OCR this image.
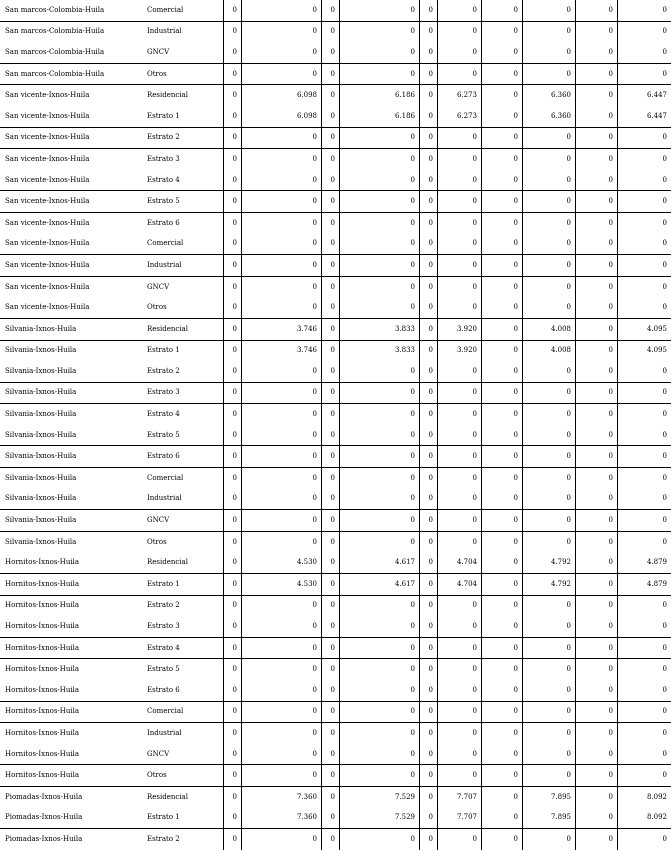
San marcos-Colombia-Huila	Comercial	0	0	0	0	0	0	0	0	0	0
San marcos-Colombia-Huila	Industrial	0	0	0	0	0	0	0	0	0	0
San marcos-Colombia-Huila	GNCV	0	0	0	0	0	0	0	0	0	0
San marcos-Colombia-Huila	Otros	0	0	0	0	0	0	0	0	0	0
San vicente-Ixnos-Huila	Residencial	0	6.098	0	6.186	0	6.273	0	6.360	0	6.447
San vicente-Ixnos-Huila	Estrato 1	0	6.098	0	6.186	0	6.273	0	6.360	0	6.447
San vicente-Ixnos-Huila	Estrato 2	0	0	0	0	0	0	0	0	0	0
San vicente-Ixnos-Huila	Estrato 3	0	0	0	0	0	0	0	0	0	0
San vicente-Ixnos-Huila	Estrato 4	0	0	0	0	0	0	0	0	0	0
San vicente-Ixnos-Huila	Estrato 5	0	0	0	0	0	0	0	0	0	0
San vicente-Ixnos-Huila	Estrato 6	0	0	0	0	0	0	0	0	0	0
San vicente-Ixnos-Huila	Comercial	0	0	0	0	0	0	0	0	0	0
San vicente-Ixnos-Huila	Industrial	0	0	0	0	0	0	0	0	0	0
San vicente-Ixnos-Huila	GNCV	0	0	0	0	0	0	0	0	0	0
San vicente-Ixnos-Huila	Otros	0	0	0	0	0	0	0	0	0	0
Silvania-Ixnos-Huila	Residencial	0	3.746	0	3.833	0	3.920	0	4.008	0	4.095
Silvania-Ixnos-Huila	Estrato 1	0	3.746	0	3.833	0	3.920	0	4.008	0	4.095
Silvania-Ixnos-Huila	Estrato 2	0	0	0	0	0	0	0	0	0	0
Silvania-Ixnos-Huila	Estrato 3	0	0	0	0	0	0	0	0	0	0
Silvania-Ixnos-Huila	Estrato 4	0	0	0	0	0	0	0	0	0	0
Silvania-Ixnos-Huila	Estrato 5	0	0	0	0	0	0	0	0	0	0
Silvania-Ixnos-Huila	Estrato 6	0	0	0	0	0	0	0	0	0	0
Silvania-Ixnos-Huila	Comercial	0	0	0	0	0	0	0	0	0	0
Silvania-Ixnos-Huila	Industrial	0	0	0	0	0	0	0	0	0	0
Silvania-Ixnos-Huila	GNCV	0	0	0	0	0	0	0	0	0	0
Silvania-Ixnos-Huila	Otros	0	0	0	0	0	0	0	0	0	0
Hornitos-Ixnos-Huila	Residencial	0	4.530	0	4.617	0	4.704	0	4.792	0	4.879
Hornitos-Ixnos-Huila	Estrato 1	0	4.530	0	4.617	0	4.704	0	4.792	0	4.879
Hornitos-Ixnos-Huila	Estrato 2	0	0	0	0	0	0	0	0	0	0
Hornitos-Ixnos-Huila	Estrato 3	0	0	0	0	0	0	0	0	0	0
Hornitos-Ixnos-Huila	Estrato 4	0	0	0	0	0	0	0	0	0	0
Hornitos-Ixnos-Huila	Estrato 5	0	0	0	0	0	0	0	0	0	0
Hornitos-Ixnos-Huila	Estrato 6	0	0	0	0	0	0	0	0	0	0
Hornitos-Ixnos-Huila	Comercial	0	0	0	0	0	0	0	0	0	0
Hornitos-Ixnos-Huila	Industrial	0	0	0	0	0	0	0	0	0	0
Hornitos-Ixnos-Huila	GNCV	0	0	0	0	0	0	0	0	0	0
Hornitos-Ixnos-Huila	Otros	0	0	0	0	0	0	0	0	0	0
Piomadas-Ixnos-Huila	Residencial	0	7.360	0	7.529	0	7.707	0	7.895	0	8.092
Piomadas-Ixnos-Huila	Estrato 1	0	7.360	0	7.529	0	7.707	0	7.895	0	8.092
Piomadas-Ixnos-Huila	Estrato 2	0	0	0	0	0	0	0	0	0	0
